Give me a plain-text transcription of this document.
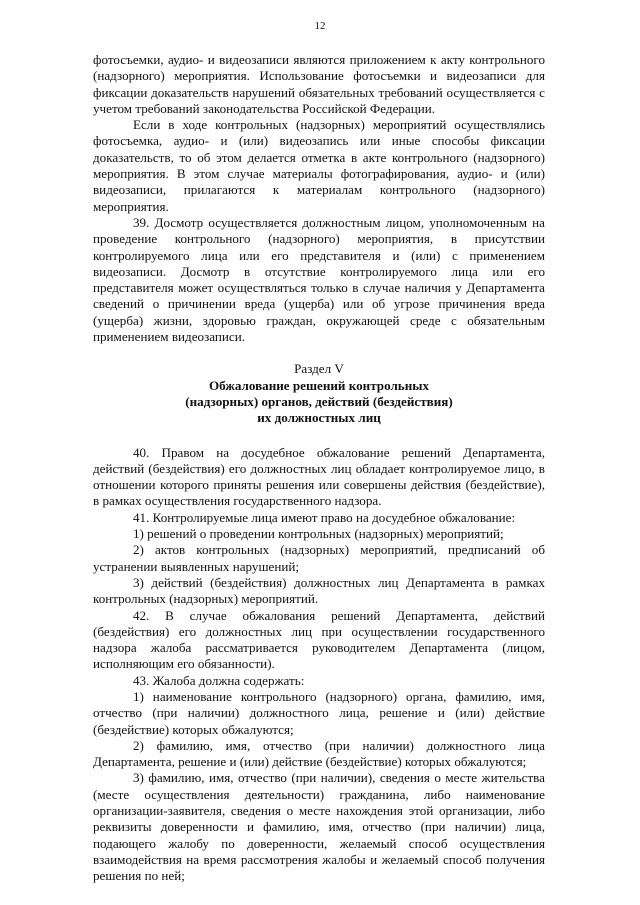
12

фотосъемки, аудио- и видеозаписи являются приложением к акту контрольного (надзорного) мероприятия. Использование фотосъемки и видеозаписи для фиксации доказательств нарушений обязательных требований осуществляется с учетом требований законодательства Российской Федерации.

Если в ходе контрольных (надзорных) мероприятий осуществлялись фотосъемка, аудио- и (или) видеозапись или иные способы фиксации доказательств, то об этом делается отметка в акте контрольного (надзорного) мероприятия. В этом случае материалы фотографирования, аудио- и (или) видеозаписи, прилагаются к материалам контрольного (надзорного) мероприятия.

39. Досмотр осуществляется должностным лицом, уполномоченным на проведение контрольного (надзорного) мероприятия, в присутствии контролируемого лица или его представителя и (или) с применением видеозаписи. Досмотр в отсутствие контролируемого лица или его представителя может осуществляться только в случае наличия у Департамента сведений о причинении вреда (ущерба) или об угрозе причинения вреда (ущерба) жизни, здоровью граждан, окружающей среде с обязательным применением видеозаписи.

Раздел V
Обжалование решений контрольных
(надзорных) органов, действий (бездействия)
их должностных лиц

40. Правом на досудебное обжалование решений Департамента, действий (бездействия) его должностных лиц обладает контролируемое лицо, в отношении которого приняты решения или совершены действия (бездействие), в рамках осуществления государственного надзора.

41. Контролируемые лица имеют право на досудебное обжалование:

1) решений о проведении контрольных (надзорных) мероприятий;

2) актов контрольных (надзорных) мероприятий, предписаний об устранении выявленных нарушений;

3) действий (бездействия) должностных лиц Департамента в рамках контрольных (надзорных) мероприятий.

42. В случае обжалования решений Департамента, действий (бездействия) его должностных лиц при осуществлении государственного надзора жалоба рассматривается руководителем Департамента (лицом, исполняющим его обязанности).

43. Жалоба должна содержать:

1) наименование контрольного (надзорного) органа, фамилию, имя, отчество (при наличии) должностного лица, решение и (или) действие (бездействие) которых обжалуются;

2) фамилию, имя, отчество (при наличии) должностного лица Департамента, решение и (или) действие (бездействие) которых обжалуются;

3) фамилию, имя, отчество (при наличии), сведения о месте жительства (месте осуществления деятельности) гражданина, либо наименование организации-заявителя, сведения о месте нахождения этой организации, либо реквизиты доверенности и фамилию, имя, отчество (при наличии) лица, подающего жалобу по доверенности, желаемый способ осуществления взаимодействия на время рассмотрения жалобы и желаемый способ получения решения по ней;
